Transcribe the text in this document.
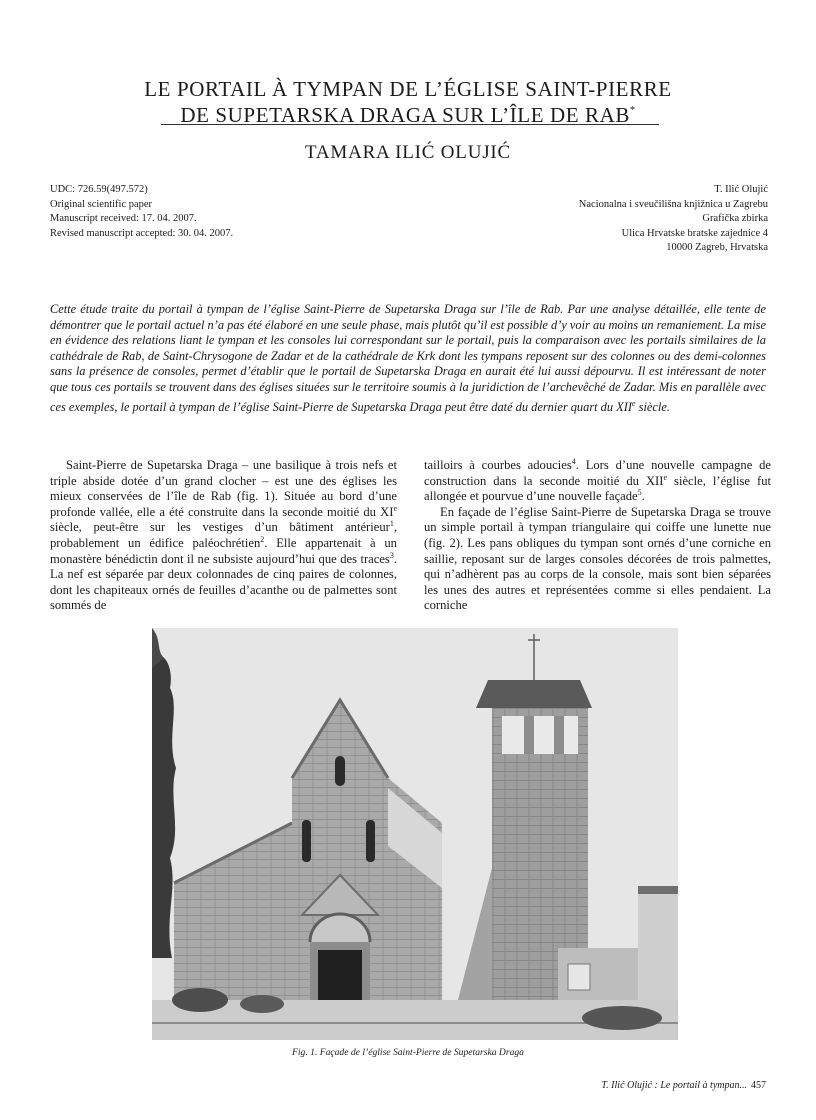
LE PORTAIL À TYMPAN DE L’ÉGLISE SAINT-PIERRE
DE SUPETARSKA DRAGA SUR L’ÎLE DE RAB*
TAMARA ILIĆ OLUJIĆ
UDC: 726.59(497.572)
Original scientific paper
Manuscript received: 17. 04. 2007.
Revised manuscript accepted: 30. 04. 2007.
T. Ilić Olujić
Nacionalna i sveučilišna knjižnica u Zagrebu
Grafička zbirka
Ulica Hrvatske bratske zajednice 4
10000 Zagreb, Hrvatska
Cette étude traite du portail à tympan de l’église Saint-Pierre de Supetarska Draga sur l’île de Rab. Par une analyse détaillée, elle tente de démontrer que le portail actuel n’a pas été élaboré en une seule phase, mais plutôt qu’il est possible d’y voir au moins un remaniement. La mise en évidence des relations liant le tympan et les consoles lui correspondant sur le portail, puis la comparaison avec les portails similaires de la cathédrale de Rab, de Saint-Chrysogone de Zadar et de la cathédrale de Krk dont les tympans reposent sur des colonnes ou des demi-colonnes sans la présence de consoles, permet d’établir que le portail de Supetarska Draga en aurait été lui aussi dépourvu. Il est intéressant de noter que tous ces portails se trouvent dans des églises situées sur le territoire soumis à la juridiction de l’archevêché de Zadar. Mis en parallèle avec ces exemples, le portail à tympan de l’église Saint-Pierre de Supetarska Draga peut être daté du dernier quart du XIIe siècle.

Saint-Pierre de Supetarska Draga – une basilique à trois nefs et triple abside dotée d’un grand clocher – est une des églises les mieux conservées de l’île de Rab (fig. 1). Située au bord d’une profonde vallée, elle a été construite dans la seconde moitié du XIe siècle, peut-être sur les vestiges d’un bâtiment antérieur$^1$, probablement un édifice paléochrétien$^2$. Elle appartenait à un monastère bénédictin dont il ne subsiste aujourd’hui que des traces$^3$. La nef est séparée par deux colonnades de cinq paires de colonnes, dont les chapiteaux ornés de feuilles d’acanthe ou de palmettes sont sommés de

tailloirs à courbes adoucies$^4$. Lors d’une nouvelle campagne de construction dans la seconde moitié du XIIe siècle, l’église fut allongée et pourvue d’une nouvelle façade$^5$.

En façade de l’église Saint-Pierre de Supetarska Draga se trouve un simple portail à tympan triangulaire qui coiffe une lunette nue (fig. 2). Les pans obliques du tympan sont ornés d’une corniche en saillie, reposant sur de larges consoles décorées de trois palmettes, qui n’adhèrent pas au corps de la console, mais sont bien séparées les unes des autres et représentées comme si elles pendaient. La corniche

Fig. 1. Façade de l’église Saint-Pierre de Supetarska Draga
T. Ilić Olujić : Le portail à tympan... 457
